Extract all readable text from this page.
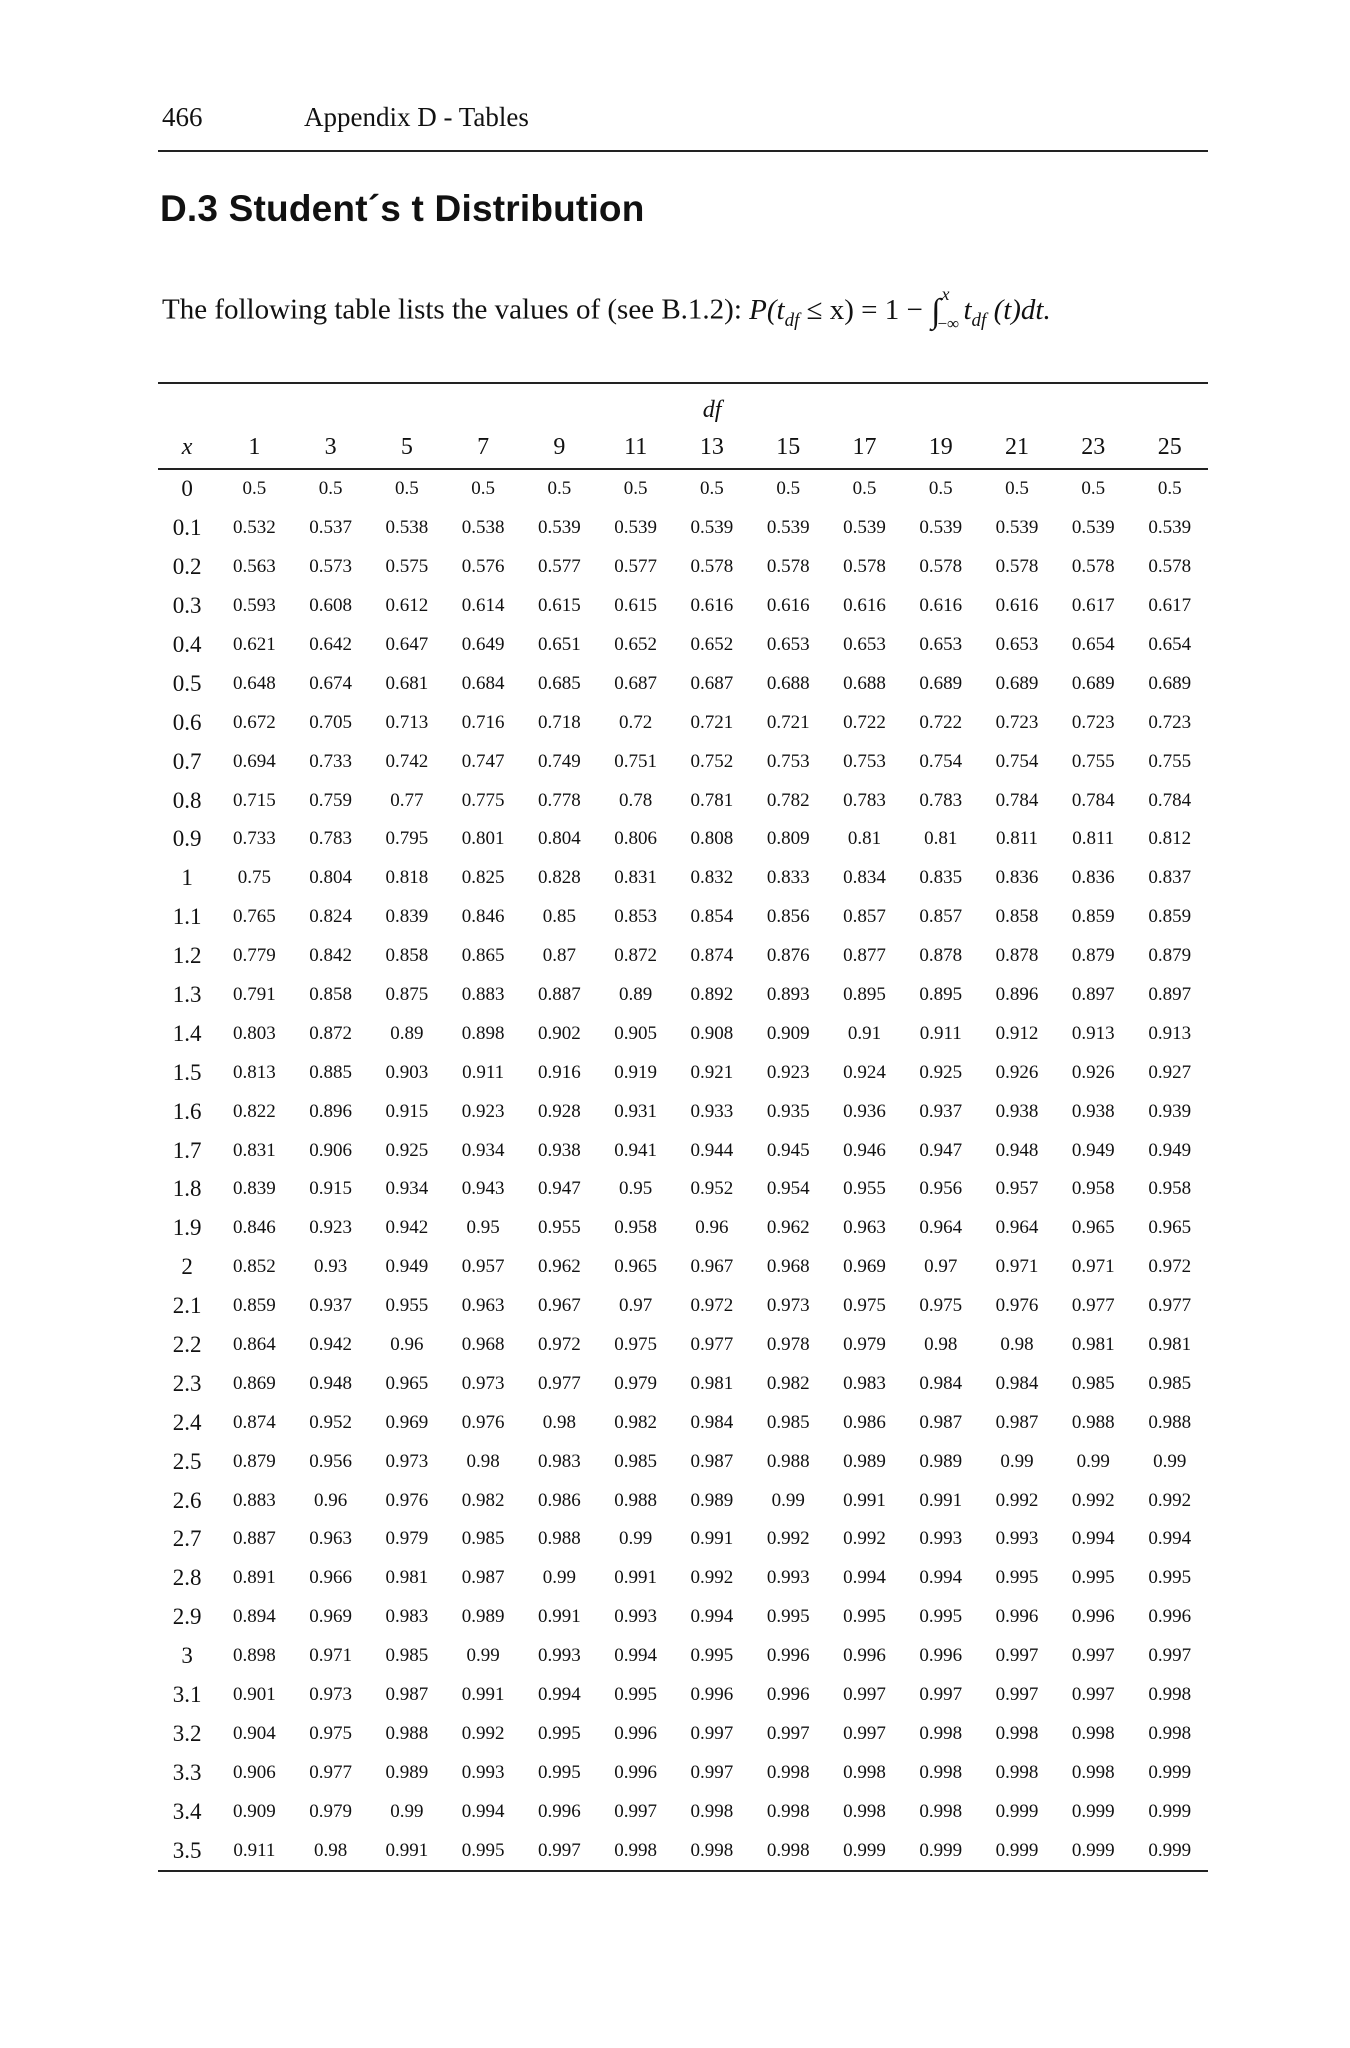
466	Appendix D - Tables
D.3 Student´s t Distribution
The following table lists the values of (see B.1.2): $P(t_{df} \le x) = 1$ − ∫ x
−∞ $t_{df}$ (t)dt.
	df												
x	1	3	5	7	9	11	13	15	17	19	21	23	25
0	0.5	0.5	0.5	0.5	0.5	0.5	0.5	0.5	0.5	0.5	0.5	0.5	0.5
0.1	0.532	0.537	0.538	0.538	0.539	0.539	0.539	0.539	0.539	0.539	0.539	0.539	0.539
0.2	0.563	0.573	0.575	0.576	0.577	0.577	0.578	0.578	0.578	0.578	0.578	0.578	0.578
0.3	0.593	0.608	0.612	0.614	0.615	0.615	0.616	0.616	0.616	0.616	0.616	0.617	0.617
0.4	0.621	0.642	0.647	0.649	0.651	0.652	0.652	0.653	0.653	0.653	0.653	0.654	0.654
0.5	0.648	0.674	0.681	0.684	0.685	0.687	0.687	0.688	0.688	0.689	0.689	0.689	0.689
0.6	0.672	0.705	0.713	0.716	0.718	0.72	0.721	0.721	0.722	0.722	0.723	0.723	0.723
0.7	0.694	0.733	0.742	0.747	0.749	0.751	0.752	0.753	0.753	0.754	0.754	0.755	0.755
0.8	0.715	0.759	0.77	0.775	0.778	0.78	0.781	0.782	0.783	0.783	0.784	0.784	0.784
0.9	0.733	0.783	0.795	0.801	0.804	0.806	0.808	0.809	0.81	0.81	0.811	0.811	0.812
1	0.75	0.804	0.818	0.825	0.828	0.831	0.832	0.833	0.834	0.835	0.836	0.836	0.837
1.1	0.765	0.824	0.839	0.846	0.85	0.853	0.854	0.856	0.857	0.857	0.858	0.859	0.859
1.2	0.779	0.842	0.858	0.865	0.87	0.872	0.874	0.876	0.877	0.878	0.878	0.879	0.879
1.3	0.791	0.858	0.875	0.883	0.887	0.89	0.892	0.893	0.895	0.895	0.896	0.897	0.897
1.4	0.803	0.872	0.89	0.898	0.902	0.905	0.908	0.909	0.91	0.911	0.912	0.913	0.913
1.5	0.813	0.885	0.903	0.911	0.916	0.919	0.921	0.923	0.924	0.925	0.926	0.926	0.927
1.6	0.822	0.896	0.915	0.923	0.928	0.931	0.933	0.935	0.936	0.937	0.938	0.938	0.939
1.7	0.831	0.906	0.925	0.934	0.938	0.941	0.944	0.945	0.946	0.947	0.948	0.949	0.949
1.8	0.839	0.915	0.934	0.943	0.947	0.95	0.952	0.954	0.955	0.956	0.957	0.958	0.958
1.9	0.846	0.923	0.942	0.95	0.955	0.958	0.96	0.962	0.963	0.964	0.964	0.965	0.965
2	0.852	0.93	0.949	0.957	0.962	0.965	0.967	0.968	0.969	0.97	0.971	0.971	0.972
2.1	0.859	0.937	0.955	0.963	0.967	0.97	0.972	0.973	0.975	0.975	0.976	0.977	0.977
2.2	0.864	0.942	0.96	0.968	0.972	0.975	0.977	0.978	0.979	0.98	0.98	0.981	0.981
2.3	0.869	0.948	0.965	0.973	0.977	0.979	0.981	0.982	0.983	0.984	0.984	0.985	0.985
2.4	0.874	0.952	0.969	0.976	0.98	0.982	0.984	0.985	0.986	0.987	0.987	0.988	0.988
2.5	0.879	0.956	0.973	0.98	0.983	0.985	0.987	0.988	0.989	0.989	0.99	0.99	0.99
2.6	0.883	0.96	0.976	0.982	0.986	0.988	0.989	0.99	0.991	0.991	0.992	0.992	0.992
2.7	0.887	0.963	0.979	0.985	0.988	0.99	0.991	0.992	0.992	0.993	0.993	0.994	0.994
2.8	0.891	0.966	0.981	0.987	0.99	0.991	0.992	0.993	0.994	0.994	0.995	0.995	0.995
2.9	0.894	0.969	0.983	0.989	0.991	0.993	0.994	0.995	0.995	0.995	0.996	0.996	0.996
3	0.898	0.971	0.985	0.99	0.993	0.994	0.995	0.996	0.996	0.996	0.997	0.997	0.997
3.1	0.901	0.973	0.987	0.991	0.994	0.995	0.996	0.996	0.997	0.997	0.997	0.997	0.998
3.2	0.904	0.975	0.988	0.992	0.995	0.996	0.997	0.997	0.997	0.998	0.998	0.998	0.998
3.3	0.906	0.977	0.989	0.993	0.995	0.996	0.997	0.998	0.998	0.998	0.998	0.998	0.999
3.4	0.909	0.979	0.99	0.994	0.996	0.997	0.998	0.998	0.998	0.998	0.999	0.999	0.999
3.5	0.911	0.98	0.991	0.995	0.997	0.998	0.998	0.998	0.999	0.999	0.999	0.999	0.999
